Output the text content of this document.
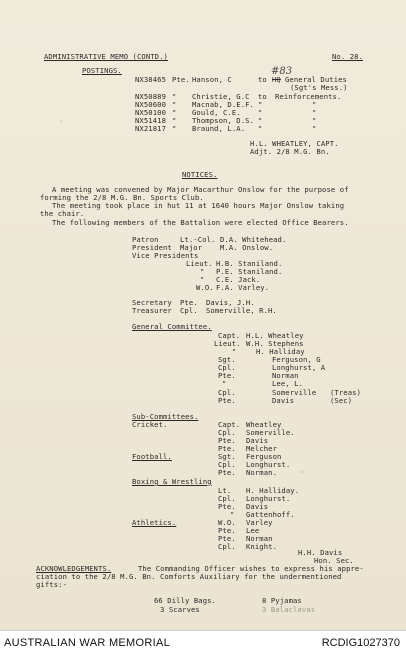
ADMINISTRATIVE MEMO (CONTD.)	No. 28.
POSTINGS.	#83
NX38465 Pte. Hanson, C	to HQ General Duties
(Sgt's Mess.)
NX50889 " Christie, G.C to Reinforcements.
NX50600 " Macnab, D.E.F. "	"
NX50100 " Gould, C.E. "	"
NX51418 " Thompson, D.S. "	"
NX21817 " Braund, L.A. "	"
H.L. WHEATLEY, CAPT.
Adjt. 2/8 M.G. Bn.
NOTICES.
A meeting was convened by Major Macarthur Onslow for the purpose of
forming the 2/8 M.G. Bn. Sports Club.
The meeting took place in hut 11 at 1640 hours Major Onslow taking
the chair.
The following members of the Battalion were elected Office Bearers.
Patron	Lt.-Col. D.A. Whitehead.
President Major M.A. Onslow.
Vice Presidents
Lieut. H.B. Staniland.
" P.E. Staniland.
" C.E. Jack.
W.O. F.A. Varley.
Secretary Pte. Davis, J.H.
Treasurer Cpl. Somerville, R.H.
General Committee.
Capt. H.L. Wheatley
Lieut. W.H. Stephens
"	H. Halliday
Sgt.	Ferguson, G
Cpl.	Longhurst, A
Pte.	Norman
"	Lee, L.
Cpl.	Somerville (Treas)
Pte.	Davis	(Sec)
Sub-Committees.
Cricket.	Capt. Wheatley
Cpl. Somerville.
Pte. Davis
Pte. Melcher
Football.	Sgt. Ferguson
Cpl. Longhurst.
Pte. Norman.
Boxing & Wrestling
Lt. H. Halliday.
Cpl. Longhurst.
Pte. Davis
" Gattenhoff.
Athletics.	W.O. Varley
Pte. Lee
Pte. Norman
Cpl. Knight.
H.H. Davis
Hon. Sec.
ACKNOWLEDGEMENTS.	The Commanding Officer wishes to express his appre-
ciation to the 2/8 M.G. Bn. Comforts Auxiliary for the undermentioned
gifts:-
66 Dilly Bags.	8 Pyjamas
3 Scarves	3 Balaclavas
AUSTRALIAN WAR MEMORIAL	RCDIG1027370
